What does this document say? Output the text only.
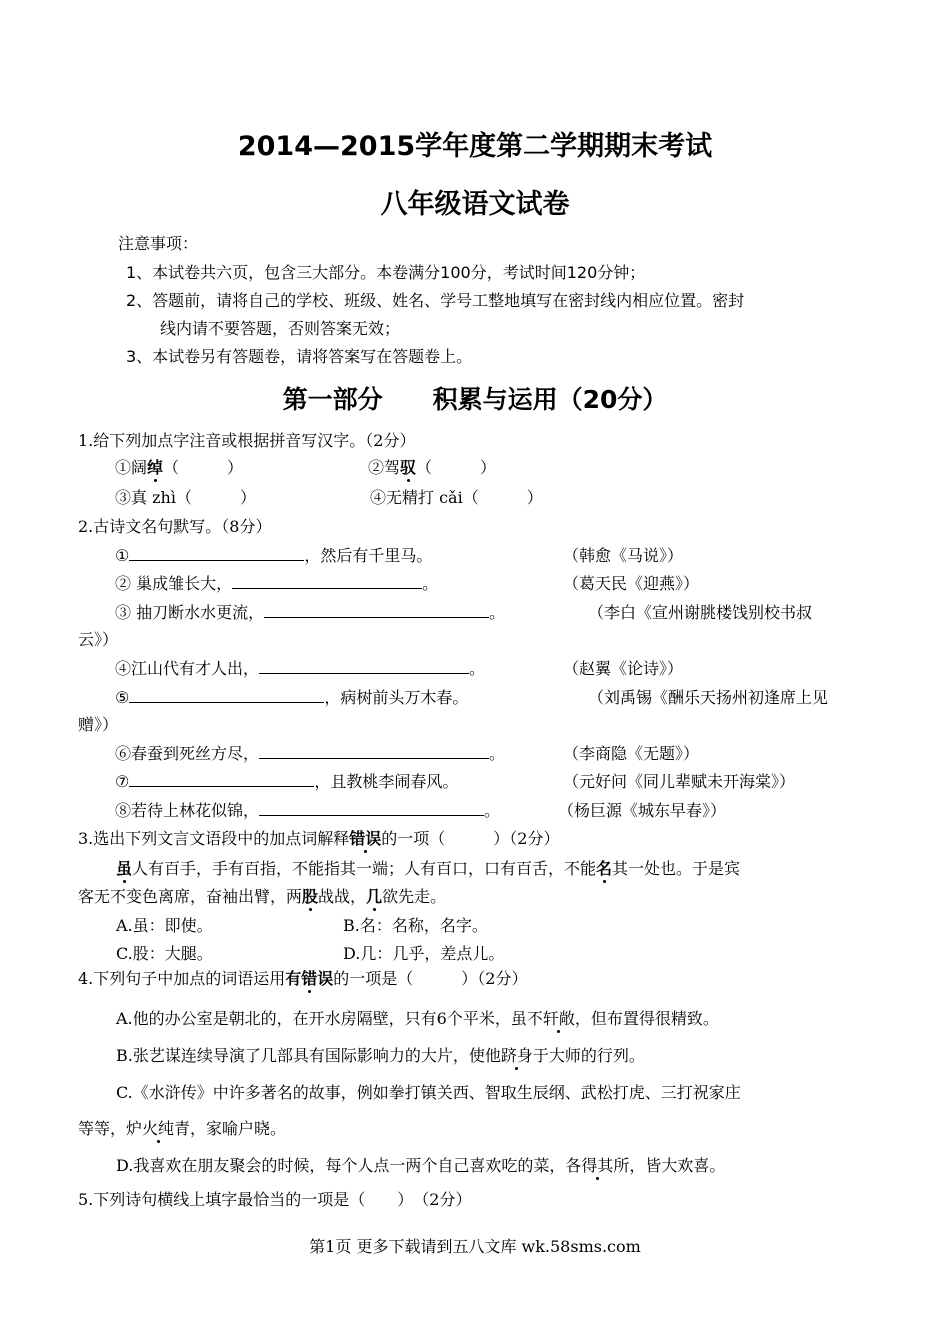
2014—2015学年度第二学期期末考试
八年级语文试卷
注意事项：
1、本试卷共六页，包含三大部分。本卷满分100分，考试时间120分钟；
2、答题前，请将自己的学校、班级、姓名、学号工整地填写在密封线内相应位置。密封
线内请不要答题，否则答案无效；
3、本试卷另有答题卷，请将答案写在答题卷上。
第一部分　　积累与运用（20分）
1.给下列加点字注音或根据拼音写汉字。（2分）
①阔绰（　　　）	②驾驭（　　　）
③真 zhì（　　　）	④无精打 cǎi（　　　）
2.古诗文名句默写。（8分）
①	，然后有千里马。	（韩愈《马说》）
② 巢成雏长大，	。	（葛天民《迎燕》）
③ 抽刀断水水更流，	。	（李白《宣州谢朓楼饯别校书叔
云》）
④江山代有才人出，	。	（赵翼《论诗》）
⑤	，病树前头万木春。	（刘禹锡《酬乐天扬州初逢席上见
赠》）
⑥春蚕到死丝方尽，	。	（李商隐《无题》）
⑦	，且教桃李闹春风。	（元好问《同儿辈赋未开海棠》）
⑧若待上林花似锦，	。	（杨巨源《城东早春》）
3.选出下列文言文语段中的加点词解释错误的一项（　　　）（2分）
虽人有百手，手有百指，不能指其一端；人有百口，口有百舌，不能名其一处也。于是宾
客无不变色离席，奋袖出臂，两股战战，几欲先走。
A.虽：即使。	B.名：名称，名字。
C.股：大腿。	D.几：几乎，差点儿。
4.下列句子中加点的词语运用有错误的一项是（　　　）（2分）
A.他的办公室是朝北的，在开水房隔壁，只有6个平米，虽不轩敞，但布置得很精致。
B.张艺谋连续导演了几部具有国际影响力的大片，使他跻身于大师的行列。
C.《水浒传》中许多著名的故事，例如拳打镇关西、智取生辰纲、武松打虎、三打祝家庄
等等，炉火纯青，家喻户晓。
D.我喜欢在朋友聚会的时候，每个人点一两个自己喜欢吃的菜，各得其所，皆大欢喜。
5.下列诗句横线上填字最恰当的一项是（　　）　（2分）
第1页 更多下载请到五八文库 wk.58sms.com
